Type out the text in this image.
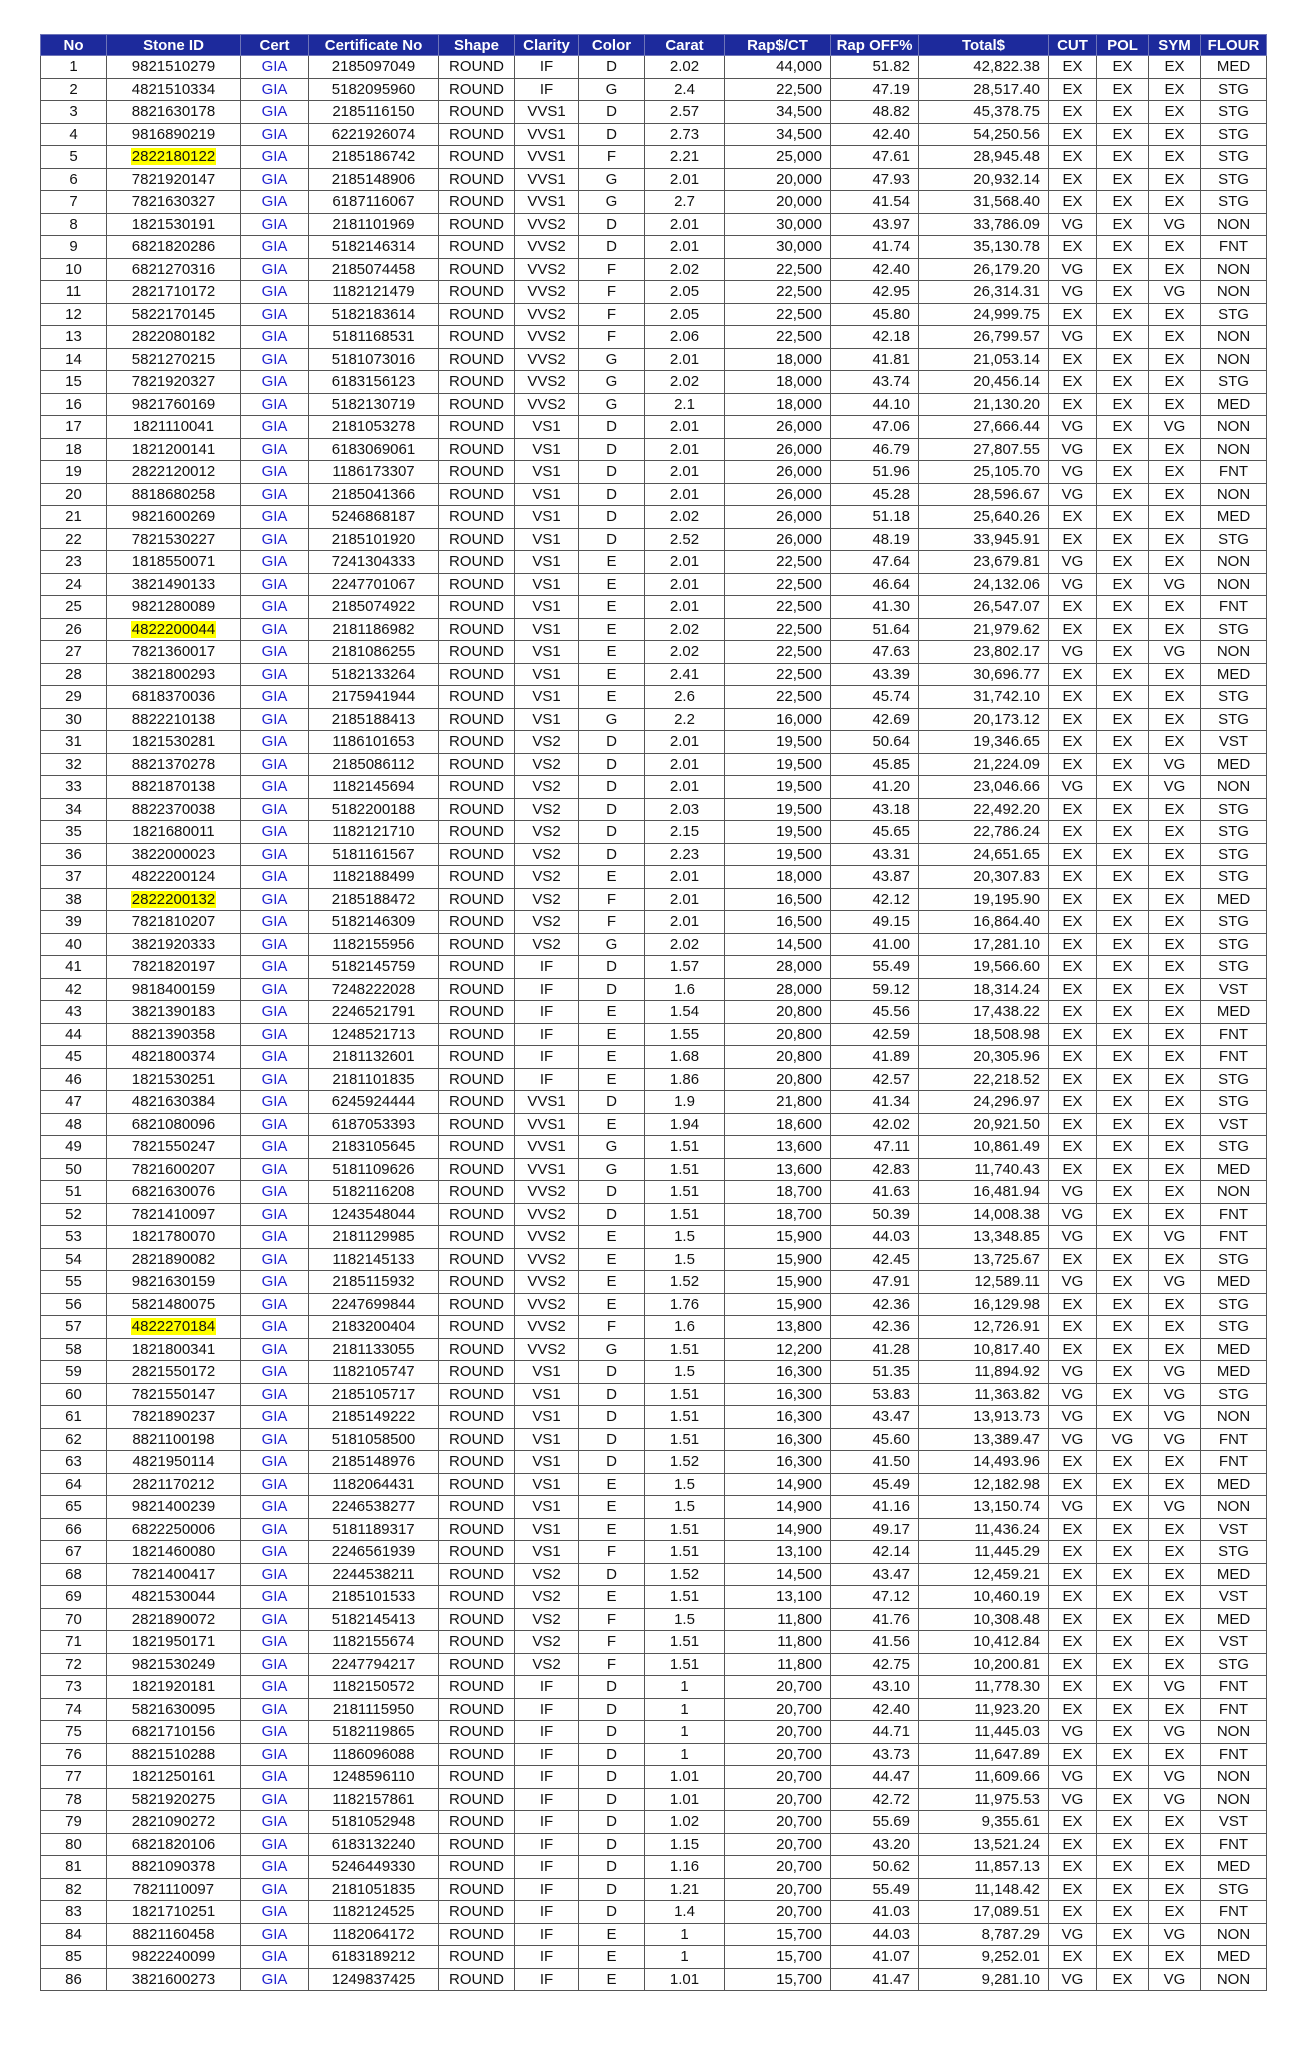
No	Stone ID	Cert	Certificate No	Shape	Clarity	Color	Carat	Rap$/CT	Rap OFF%	Total$	CUT	POL	SYM	FLOUR
1	9821510279	GIA	2185097049	ROUND	IF	D	2.02	44,000	51.82	42,822.38	EX	EX	EX	MED
2	4821510334	GIA	5182095960	ROUND	IF	G	2.4	22,500	47.19	28,517.40	EX	EX	EX	STG
3	8821630178	GIA	2185116150	ROUND	VVS1	D	2.57	34,500	48.82	45,378.75	EX	EX	EX	STG
4	9816890219	GIA	6221926074	ROUND	VVS1	D	2.73	34,500	42.40	54,250.56	EX	EX	EX	STG
5	2822180122	GIA	2185186742	ROUND	VVS1	F	2.21	25,000	47.61	28,945.48	EX	EX	EX	STG
6	7821920147	GIA	2185148906	ROUND	VVS1	G	2.01	20,000	47.93	20,932.14	EX	EX	EX	STG
7	7821630327	GIA	6187116067	ROUND	VVS1	G	2.7	20,000	41.54	31,568.40	EX	EX	EX	STG
8	1821530191	GIA	2181101969	ROUND	VVS2	D	2.01	30,000	43.97	33,786.09	VG	EX	VG	NON
9	6821820286	GIA	5182146314	ROUND	VVS2	D	2.01	30,000	41.74	35,130.78	EX	EX	EX	FNT
10	6821270316	GIA	2185074458	ROUND	VVS2	F	2.02	22,500	42.40	26,179.20	VG	EX	EX	NON
11	2821710172	GIA	1182121479	ROUND	VVS2	F	2.05	22,500	42.95	26,314.31	VG	EX	VG	NON
12	5822170145	GIA	5182183614	ROUND	VVS2	F	2.05	22,500	45.80	24,999.75	EX	EX	EX	STG
13	2822080182	GIA	5181168531	ROUND	VVS2	F	2.06	22,500	42.18	26,799.57	VG	EX	EX	NON
14	5821270215	GIA	5181073016	ROUND	VVS2	G	2.01	18,000	41.81	21,053.14	EX	EX	EX	NON
15	7821920327	GIA	6183156123	ROUND	VVS2	G	2.02	18,000	43.74	20,456.14	EX	EX	EX	STG
16	9821760169	GIA	5182130719	ROUND	VVS2	G	2.1	18,000	44.10	21,130.20	EX	EX	EX	MED
17	1821110041	GIA	2181053278	ROUND	VS1	D	2.01	26,000	47.06	27,666.44	VG	EX	VG	NON
18	1821200141	GIA	6183069061	ROUND	VS1	D	2.01	26,000	46.79	27,807.55	VG	EX	EX	NON
19	2822120012	GIA	1186173307	ROUND	VS1	D	2.01	26,000	51.96	25,105.70	VG	EX	EX	FNT
20	8818680258	GIA	2185041366	ROUND	VS1	D	2.01	26,000	45.28	28,596.67	VG	EX	EX	NON
21	9821600269	GIA	5246868187	ROUND	VS1	D	2.02	26,000	51.18	25,640.26	EX	EX	EX	MED
22	7821530227	GIA	2185101920	ROUND	VS1	D	2.52	26,000	48.19	33,945.91	EX	EX	EX	STG
23	1818550071	GIA	7241304333	ROUND	VS1	E	2.01	22,500	47.64	23,679.81	VG	EX	EX	NON
24	3821490133	GIA	2247701067	ROUND	VS1	E	2.01	22,500	46.64	24,132.06	VG	EX	VG	NON
25	9821280089	GIA	2185074922	ROUND	VS1	E	2.01	22,500	41.30	26,547.07	EX	EX	EX	FNT
26	4822200044	GIA	2181186982	ROUND	VS1	E	2.02	22,500	51.64	21,979.62	EX	EX	EX	STG
27	7821360017	GIA	2181086255	ROUND	VS1	E	2.02	22,500	47.63	23,802.17	VG	EX	VG	NON
28	3821800293	GIA	5182133264	ROUND	VS1	E	2.41	22,500	43.39	30,696.77	EX	EX	EX	MED
29	6818370036	GIA	2175941944	ROUND	VS1	E	2.6	22,500	45.74	31,742.10	EX	EX	EX	STG
30	8822210138	GIA	2185188413	ROUND	VS1	G	2.2	16,000	42.69	20,173.12	EX	EX	EX	STG
31	1821530281	GIA	1186101653	ROUND	VS2	D	2.01	19,500	50.64	19,346.65	EX	EX	EX	VST
32	8821370278	GIA	2185086112	ROUND	VS2	D	2.01	19,500	45.85	21,224.09	EX	EX	VG	MED
33	8821870138	GIA	1182145694	ROUND	VS2	D	2.01	19,500	41.20	23,046.66	VG	EX	VG	NON
34	8822370038	GIA	5182200188	ROUND	VS2	D	2.03	19,500	43.18	22,492.20	EX	EX	EX	STG
35	1821680011	GIA	1182121710	ROUND	VS2	D	2.15	19,500	45.65	22,786.24	EX	EX	EX	STG
36	3822000023	GIA	5181161567	ROUND	VS2	D	2.23	19,500	43.31	24,651.65	EX	EX	EX	STG
37	4822200124	GIA	1182188499	ROUND	VS2	E	2.01	18,000	43.87	20,307.83	EX	EX	EX	STG
38	2822200132	GIA	2185188472	ROUND	VS2	F	2.01	16,500	42.12	19,195.90	EX	EX	EX	MED
39	7821810207	GIA	5182146309	ROUND	VS2	F	2.01	16,500	49.15	16,864.40	EX	EX	EX	STG
40	3821920333	GIA	1182155956	ROUND	VS2	G	2.02	14,500	41.00	17,281.10	EX	EX	EX	STG
41	7821820197	GIA	5182145759	ROUND	IF	D	1.57	28,000	55.49	19,566.60	EX	EX	EX	STG
42	9818400159	GIA	7248222028	ROUND	IF	D	1.6	28,000	59.12	18,314.24	EX	EX	EX	VST
43	3821390183	GIA	2246521791	ROUND	IF	E	1.54	20,800	45.56	17,438.22	EX	EX	EX	MED
44	8821390358	GIA	1248521713	ROUND	IF	E	1.55	20,800	42.59	18,508.98	EX	EX	EX	FNT
45	4821800374	GIA	2181132601	ROUND	IF	E	1.68	20,800	41.89	20,305.96	EX	EX	EX	FNT
46	1821530251	GIA	2181101835	ROUND	IF	E	1.86	20,800	42.57	22,218.52	EX	EX	EX	STG
47	4821630384	GIA	6245924444	ROUND	VVS1	D	1.9	21,800	41.34	24,296.97	EX	EX	EX	STG
48	6821080096	GIA	6187053393	ROUND	VVS1	E	1.94	18,600	42.02	20,921.50	EX	EX	EX	VST
49	7821550247	GIA	2183105645	ROUND	VVS1	G	1.51	13,600	47.11	10,861.49	EX	EX	EX	STG
50	7821600207	GIA	5181109626	ROUND	VVS1	G	1.51	13,600	42.83	11,740.43	EX	EX	EX	MED
51	6821630076	GIA	5182116208	ROUND	VVS2	D	1.51	18,700	41.63	16,481.94	VG	EX	EX	NON
52	7821410097	GIA	1243548044	ROUND	VVS2	D	1.51	18,700	50.39	14,008.38	VG	EX	EX	FNT
53	1821780070	GIA	2181129985	ROUND	VVS2	E	1.5	15,900	44.03	13,348.85	VG	EX	VG	FNT
54	2821890082	GIA	1182145133	ROUND	VVS2	E	1.5	15,900	42.45	13,725.67	EX	EX	EX	STG
55	9821630159	GIA	2185115932	ROUND	VVS2	E	1.52	15,900	47.91	12,589.11	VG	EX	VG	MED
56	5821480075	GIA	2247699844	ROUND	VVS2	E	1.76	15,900	42.36	16,129.98	EX	EX	EX	STG
57	4822270184	GIA	2183200404	ROUND	VVS2	F	1.6	13,800	42.36	12,726.91	EX	EX	EX	STG
58	1821800341	GIA	2181133055	ROUND	VVS2	G	1.51	12,200	41.28	10,817.40	EX	EX	EX	MED
59	2821550172	GIA	1182105747	ROUND	VS1	D	1.5	16,300	51.35	11,894.92	VG	EX	VG	MED
60	7821550147	GIA	2185105717	ROUND	VS1	D	1.51	16,300	53.83	11,363.82	VG	EX	VG	STG
61	7821890237	GIA	2185149222	ROUND	VS1	D	1.51	16,300	43.47	13,913.73	VG	EX	VG	NON
62	8821100198	GIA	5181058500	ROUND	VS1	D	1.51	16,300	45.60	13,389.47	VG	VG	VG	FNT
63	4821950114	GIA	2185148976	ROUND	VS1	D	1.52	16,300	41.50	14,493.96	EX	EX	EX	FNT
64	2821170212	GIA	1182064431	ROUND	VS1	E	1.5	14,900	45.49	12,182.98	EX	EX	EX	MED
65	9821400239	GIA	2246538277	ROUND	VS1	E	1.5	14,900	41.16	13,150.74	VG	EX	VG	NON
66	6822250006	GIA	5181189317	ROUND	VS1	E	1.51	14,900	49.17	11,436.24	EX	EX	EX	VST
67	1821460080	GIA	2246561939	ROUND	VS1	F	1.51	13,100	42.14	11,445.29	EX	EX	EX	STG
68	7821400417	GIA	2244538211	ROUND	VS2	D	1.52	14,500	43.47	12,459.21	EX	EX	EX	MED
69	4821530044	GIA	2185101533	ROUND	VS2	E	1.51	13,100	47.12	10,460.19	EX	EX	EX	VST
70	2821890072	GIA	5182145413	ROUND	VS2	F	1.5	11,800	41.76	10,308.48	EX	EX	EX	MED
71	1821950171	GIA	1182155674	ROUND	VS2	F	1.51	11,800	41.56	10,412.84	EX	EX	EX	VST
72	9821530249	GIA	2247794217	ROUND	VS2	F	1.51	11,800	42.75	10,200.81	EX	EX	EX	STG
73	1821920181	GIA	1182150572	ROUND	IF	D	1	20,700	43.10	11,778.30	EX	EX	VG	FNT
74	5821630095	GIA	2181115950	ROUND	IF	D	1	20,700	42.40	11,923.20	EX	EX	EX	FNT
75	6821710156	GIA	5182119865	ROUND	IF	D	1	20,700	44.71	11,445.03	VG	EX	VG	NON
76	8821510288	GIA	1186096088	ROUND	IF	D	1	20,700	43.73	11,647.89	EX	EX	EX	FNT
77	1821250161	GIA	1248596110	ROUND	IF	D	1.01	20,700	44.47	11,609.66	VG	EX	VG	NON
78	5821920275	GIA	1182157861	ROUND	IF	D	1.01	20,700	42.72	11,975.53	VG	EX	VG	NON
79	2821090272	GIA	5181052948	ROUND	IF	D	1.02	20,700	55.69	9,355.61	EX	EX	EX	VST
80	6821820106	GIA	6183132240	ROUND	IF	D	1.15	20,700	43.20	13,521.24	EX	EX	EX	FNT
81	8821090378	GIA	5246449330	ROUND	IF	D	1.16	20,700	50.62	11,857.13	EX	EX	EX	MED
82	7821110097	GIA	2181051835	ROUND	IF	D	1.21	20,700	55.49	11,148.42	EX	EX	EX	STG
83	1821710251	GIA	1182124525	ROUND	IF	D	1.4	20,700	41.03	17,089.51	EX	EX	EX	FNT
84	8821160458	GIA	1182064172	ROUND	IF	E	1	15,700	44.03	8,787.29	VG	EX	VG	NON
85	9822240099	GIA	6183189212	ROUND	IF	E	1	15,700	41.07	9,252.01	EX	EX	EX	MED
86	3821600273	GIA	1249837425	ROUND	IF	E	1.01	15,700	41.47	9,281.10	VG	EX	VG	NON
